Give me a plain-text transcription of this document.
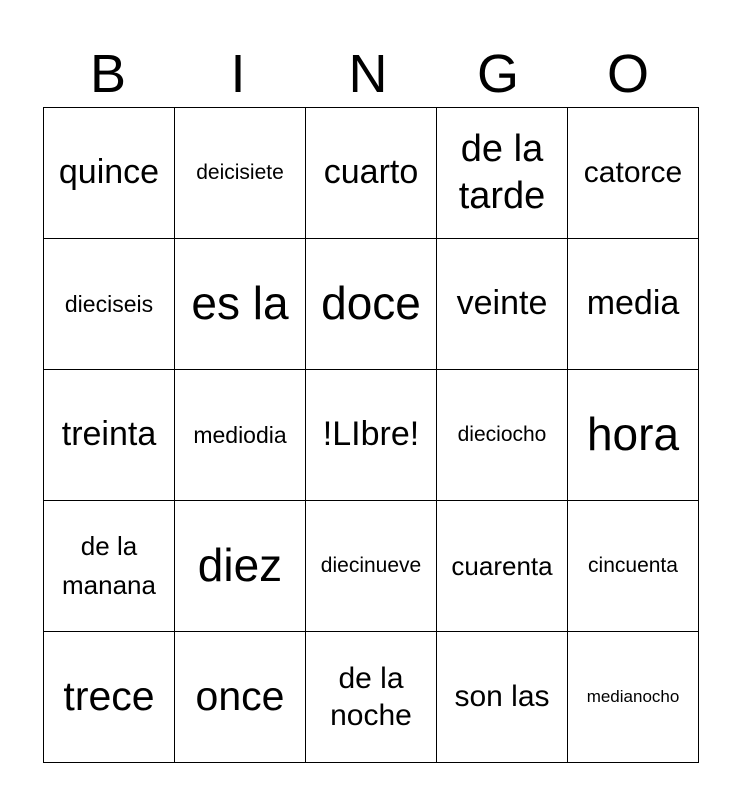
B	I	N	G	O
quince	deicisiete	cuarto	de la tarde	catorce

dieciseis	es la	doce	veinte	media

treinta	mediodia	!LIbre!	dieciocho	hora

de la manana	diez	diecinueve	cuarenta	cincuenta

trece	once	de la noche	son las	medianocho
